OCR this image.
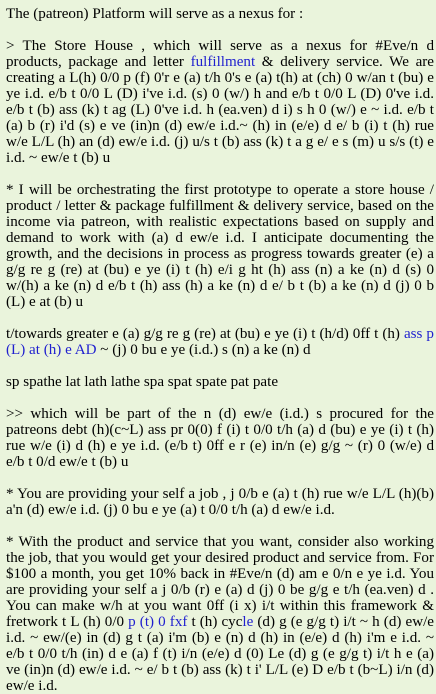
The (patreon) Platform will serve as a nexus for :

> The Store House , which will serve as a nexus for #Eve/n d products, package and letter fulfillment & delivery service. We are creating a L(h) 0/0 p (f) 0'r e (a) t/h 0's e (a) t(h) at (ch) 0 w/an t (bu) e ye i.d. e/b t 0/0 L (D) i've i.d. (s) 0 (w/) h and e/b t 0/0 L (D) 0've i.d. e/b t (b) ass (k) t ag (L) 0've i.d. h (ea.ven) d i) s h 0 (w/) e ~ i.d. e/b t (a) b (r) i'd (s) e ve (in)n (d) ew/e i.d.~ (h) in (e/e) d e/ b (i) t (h) rue w/e L/L (h) an (d) ew/e i.d. (j) u/s t (b) ass (k) t a g e/ e s (m) u s/s (t) e i.d. ~ ew/e t (b) u

* I will be orchestrating the first prototype to operate a store house / product / letter & package fulfillment & delivery service, based on the income via patreon, with realistic expectations based on supply and demand to work with (a) d ew/e i.d. I anticipate documenting the growth, and the decisions in process as progress towards greater (e) a g/g re g (re) at (bu) e ye (i) t (h) e/i g ht (h) ass (n) a ke (n) d (s) 0 w/(h) a ke (n) d e/b t (h) ass (h) a ke (n) d e/ b t (b) a ke (n) d (j) 0 b (L) e at (b) u

t/towards greater e (a) g/g re g (re) at (bu) e ye (i) t (h/d) 0ff t (h) ass p (L) at (h) e AD ~ (j) 0 bu e ye (i.d.) s (n) a ke (n) d

sp spathe lat lath lathe spa spat spate pat pate

>> which will be part of the n (d) ew/e (i.d.) s procured for the patreons debt (h)(c~L) ass pr 0(0) f (i) t 0/0 t/h (a) d (bu) e ye (i) t (h) rue w/e (i) d (h) e ye i.d. (e/b t) 0ff e r (e) in/n (e) g/g ~ (r) 0 (w/e) d e/b t 0/d ew/e t (b) u

* You are providing your self a job , j 0/b e (a) t (h) rue w/e L/L (h)(b) a'n (d) ew/e i.d. (j) 0 bu e ye (a) t 0/0 t/h (a) d ew/e i.d.

* With the product and service that you want, consider also working the job, that you would get your desired product and service from. For $100 a month, you get 10% back in #Eve/n (d) am e 0/n e ye i.d. You are providing your self a j 0/b (r) e (a) d (j) 0 be g/g e t/h (ea.ven) d . You can make w/h at you want 0ff (i x) i/t within this framework & fretwork t L (h) 0/0 p (t) 0 fxf t (h) cycle (d) g (e g/g t) i/t ~ h (d) ew/e i.d. ~ ew/(e) in (d) g t (a) i'm (b) e (n) d (h) in (e/e) d (h) i'm e i.d. ~ e/b t 0/0 t/h (in) d e (a) f (t) i/n (e/e) d (0) Le (d) g (e g/g t) i/t h e (a) ve (in)n (d) ew/e i.d. ~ e/ b t (b) ass (k) t i' L/L (e) D e/b t (b~L) i/n (d) ew/e i.d.
